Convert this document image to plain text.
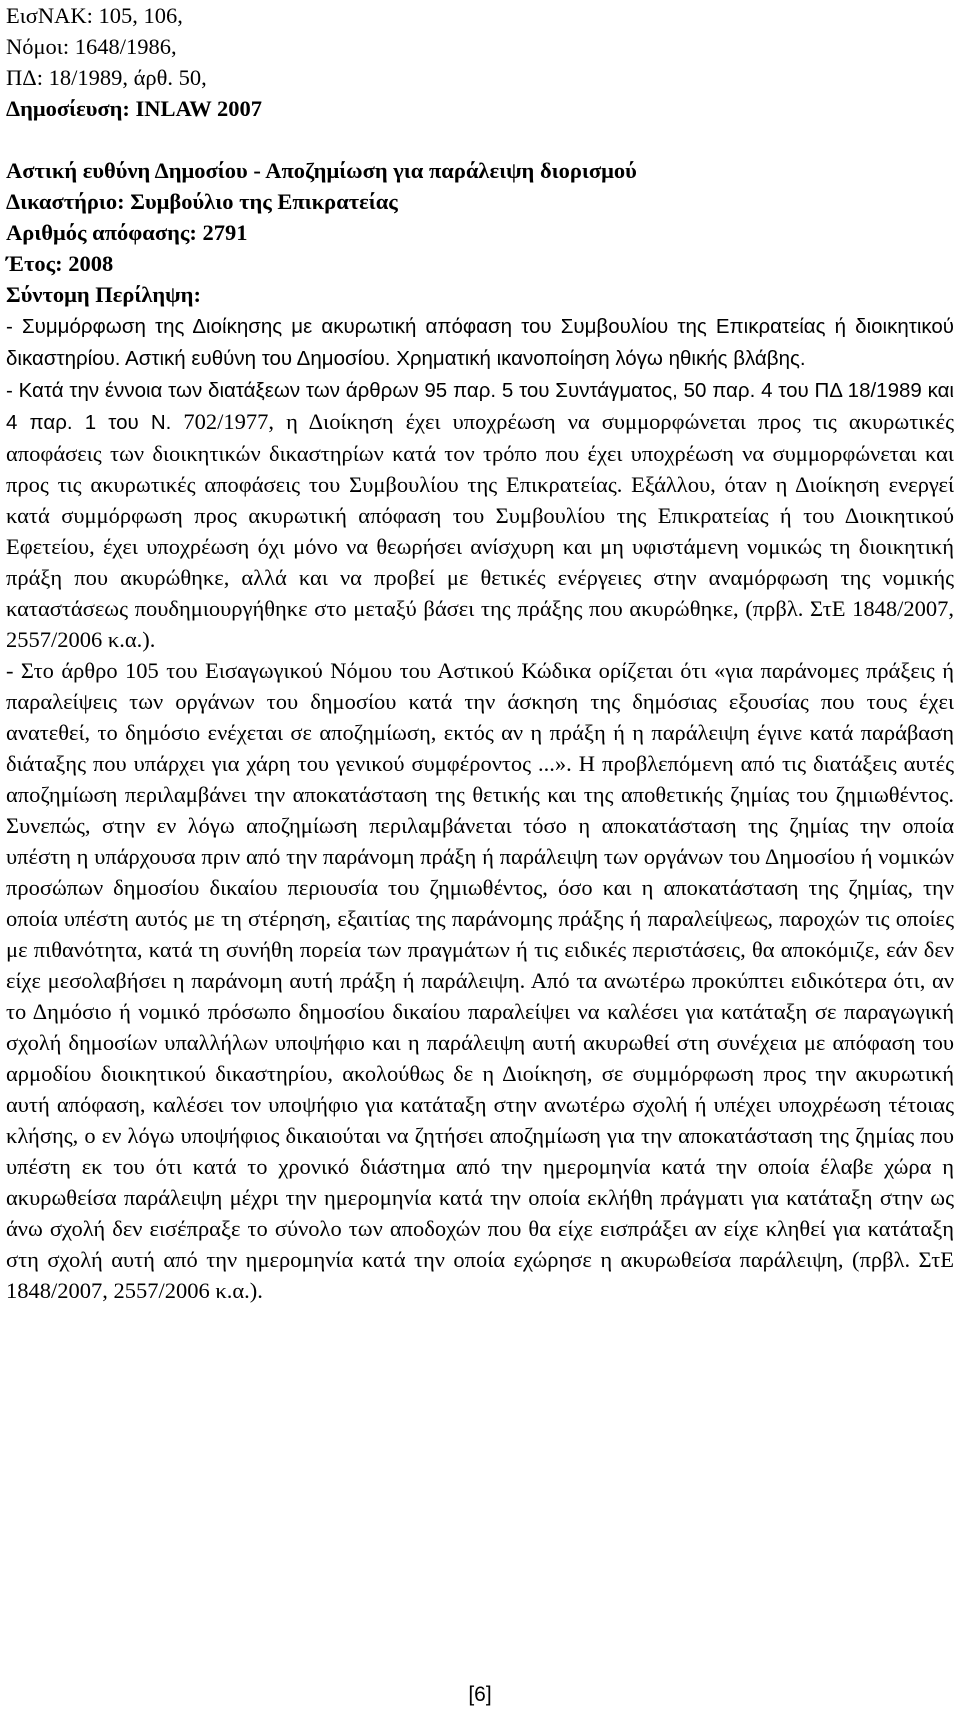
ΕισΝΑΚ: 105, 106,

Νόμοι: 1648/1986,

ΠΔ: 18/1989, άρθ. 50,

Δημοσίευση: INLAW 2007

Αστική ευθύνη Δημοσίου - Αποζημίωση για παράλειψη διορισμού

Δικαστήριο: Συμβούλιο της Επικρατείας

Αριθμός απόφασης: 2791

Έτος: 2008

Σύντομη Περίληψη:

- Συμμόρφωση της Διοίκησης με ακυρωτική απόφαση του Συμβουλίου της Επικρατείας ή διοικητικού δικαστηρίου. Αστική ευθύνη του Δημοσίου. Χρηματική ικανοποίηση λόγω ηθικής βλάβης.

- Κατά την έννοια των διατάξεων των άρθρων 95 παρ. 5 του Συντάγματος, 50 παρ. 4 του ΠΔ 18/1989 και 4 παρ. 1 του Ν. 702/1977, η Διοίκηση έχει υποχρέωση να συμμορφώνεται προς τις ακυρωτικές αποφάσεις των διοικητικών δικαστηρίων κατά τον τρόπο που έχει υποχρέωση να συμμορφώνεται και προς τις ακυρωτικές αποφάσεις του Συμβουλίου της Επικρατείας. Εξάλλου, όταν η Διοίκηση ενεργεί κατά συμμόρφωση προς ακυρωτική απόφαση του Συμβουλίου της Επικρατείας ή του Διοικητικού Εφετείου, έχει υποχρέωση όχι μόνο να θεωρήσει ανίσχυρη και μη υφιστάμενη νομικώς τη διοικητική πράξη που ακυρώθηκε, αλλά και να προβεί με θετικές ενέργειες στην αναμόρφωση της νομικής καταστάσεως πουδημιουργήθηκε στο μεταξύ βάσει της πράξης που ακυρώθηκε, (πρβλ. ΣτΕ 1848/2007, 2557/2006 κ.α.).

- Στο άρθρο 105 του Εισαγωγικού Νόμου του Αστικού Κώδικα ορίζεται ότι «για παράνομες πράξεις ή παραλείψεις των οργάνων του δημοσίου κατά την άσκηση της δημόσιας εξουσίας που τους έχει ανατεθεί, το δημόσιο ενέχεται σε αποζημίωση, εκτός αν η πράξη ή η παράλειψη έγινε κατά παράβαση διάταξης που υπάρχει για χάρη του γενικού συμφέροντος ...». Η προβλεπόμενη από τις διατάξεις αυτές αποζημίωση περιλαμβάνει την αποκατάσταση της θετικής και της αποθετικής ζημίας του ζημιωθέντος. Συνεπώς, στην εν λόγω αποζημίωση περιλαμβάνεται τόσο η αποκατάσταση της ζημίας την οποία υπέστη η υπάρχουσα πριν από την παράνομη πράξη ή παράλειψη των οργάνων του Δημοσίου ή νομικών προσώπων δημοσίου δικαίου περιουσία του ζημιωθέντος, όσο και η αποκατάσταση της ζημίας, την οποία υπέστη αυτός με τη στέρηση, εξαιτίας της παράνομης πράξης ή παραλείψεως, παροχών τις οποίες με πιθανότητα, κατά τη συνήθη πορεία των πραγμάτων ή τις ειδικές περιστάσεις, θα αποκόμιζε, εάν δεν είχε μεσολαβήσει η παράνομη αυτή πράξη ή παράλειψη. Από τα ανωτέρω προκύπτει ειδικότερα ότι, αν το Δημόσιο ή νομικό πρόσωπο δημοσίου δικαίου παραλείψει να καλέσει για κατάταξη σε παραγωγική σχολή δημοσίων υπαλλήλων υποψήφιο και η παράλειψη αυτή ακυρωθεί στη συνέχεια με απόφαση του αρμοδίου διοικητικού δικαστηρίου, ακολούθως δε η Διοίκηση, σε συμμόρφωση προς την ακυρωτική αυτή απόφαση, καλέσει τον υποψήφιο για κατάταξη στην ανωτέρω σχολή ή υπέχει υποχρέωση τέτοιας κλήσης, ο εν λόγω υποψήφιος δικαιούται να ζητήσει αποζημίωση για την αποκατάσταση της ζημίας που υπέστη εκ του ότι κατά το χρονικό διάστημα από την ημερομηνία κατά την οποία έλαβε χώρα η ακυρωθείσα παράλειψη μέχρι την ημερομηνία κατά την οποία εκλήθη πράγματι για κατάταξη στην ως άνω σχολή δεν εισέπραξε το σύνολο των αποδοχών που θα είχε εισπράξει αν είχε κληθεί για κατάταξη στη σχολή αυτή από την ημερομηνία κατά την οποία εχώρησε η ακυρωθείσα παράλειψη, (πρβλ. ΣτΕ 1848/2007, 2557/2006 κ.α.).

[6]
